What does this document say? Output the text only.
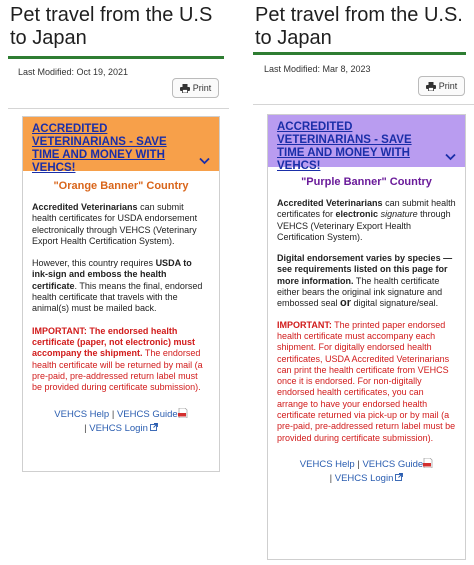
Pet travel from the U.S
to Japan
Last Modified: Oct 19, 2021
Print
ACCREDITED VETERINARIANS - SAVE TIME AND MONEY WITH VEHCS!
"Orange Banner" Country

Accredited Veterinarians can submit health certificates for USDA endorsement electronically through VEHCS (Veterinary Export Health Certification System).

However, this country requires USDA to ink-sign and emboss the health certificate. This means the final, endorsed health certificate that travels with the animal(s) must be mailed back.

IMPORTANT: The endorsed health certificate (paper, not electronic) must accompany the shipment. The endorsed health certificate will be returned by mail (a pre-paid, pre-addressed return label must be provided during certificate submission).

VEHCS Help | VEHCS Guide
| VEHCS Login
Pet travel from the U.S.
to Japan
Last Modified: Mar 8, 2023
Print
ACCREDITED VETERINARIANS - SAVE TIME AND MONEY WITH VEHCS!
"Purple Banner" Country

Accredited Veterinarians can submit health certificates for electronic signature through VEHCS (Veterinary Export Health Certification System).

Digital endorsement varies by species — see requirements listed on this page for more information. The health certificate either bears the original ink signature and embossed seal or digital signature/seal.

IMPORTANT: The printed paper endorsed health certificate must accompany each shipment. For digitally endorsed health certificates, USDA Accredited Veterinarians can print the health certificate from VEHCS once it is endorsed. For non-digitally endorsed health certificates, you can arrange to have your endorsed health certificate returned via pick-up or by mail (a pre-paid, pre-addressed return label must be provided during certificate submission).

VEHCS Help | VEHCS Guide
| VEHCS Login
